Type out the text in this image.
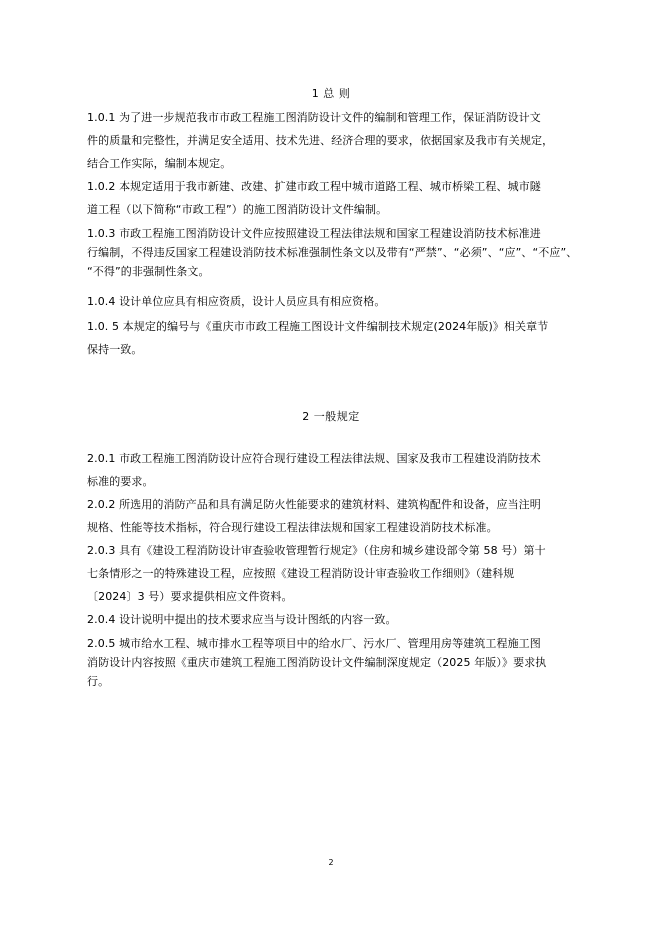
1 总 则

1.0.1 为了进一步规范我市市政工程施工图消防设计文件的编制和管理工作，保证消防设计文
件的质量和完整性，并满足安全适用、技术先进、经济合理的要求，依据国家及我市有关规定，
结合工作实际，编制本规定。

1.0.2 本规定适用于我市新建、改建、扩建市政工程中城市道路工程、城市桥梁工程、城市隧
道工程（以下简称“市政工程”）的施工图消防设计文件编制。

1.0.3 市政工程施工图消防设计文件应按照建设工程法律法规和国家工程建设消防技术标准进
行编制，不得违反国家工程建设消防技术标准强制性条文以及带有“严禁”、“必须”、“应”、“不应”、
“不得”的非强制性条文。

1.0.4 设计单位应具有相应资质，设计人员应具有相应资格。

1.0. 5 本规定的编号与《重庆市市政工程施工图设计文件编制技术规定(2024年版)》相关章节
保持一致。

2 一般规定

2.0.1 市政工程施工图消防设计应符合现行建设工程法律法规、国家及我市工程建设消防技术
标准的要求。

2.0.2 所选用的消防产品和具有满足防火性能要求的建筑材料、建筑构配件和设备，应当注明
规格、性能等技术指标，符合现行建设工程法律法规和国家工程建设消防技术标准。

2.0.3 具有《建设工程消防设计审查验收管理暂行规定》（住房和城乡建设部令第 58 号）第十
七条情形之一的特殊建设工程，应按照《建设工程消防设计审查验收工作细则》（建科规
〔2024〕3 号）要求提供相应文件资料。

2.0.4 设计说明中提出的技术要求应当与设计图纸的内容一致。

2.0.5 城市给水工程、城市排水工程等项目中的给水厂、污水厂、管理用房等建筑工程施工图
消防设计内容按照《重庆市建筑工程施工图消防设计文件编制深度规定（2025 年版）》要求执
行。

2
